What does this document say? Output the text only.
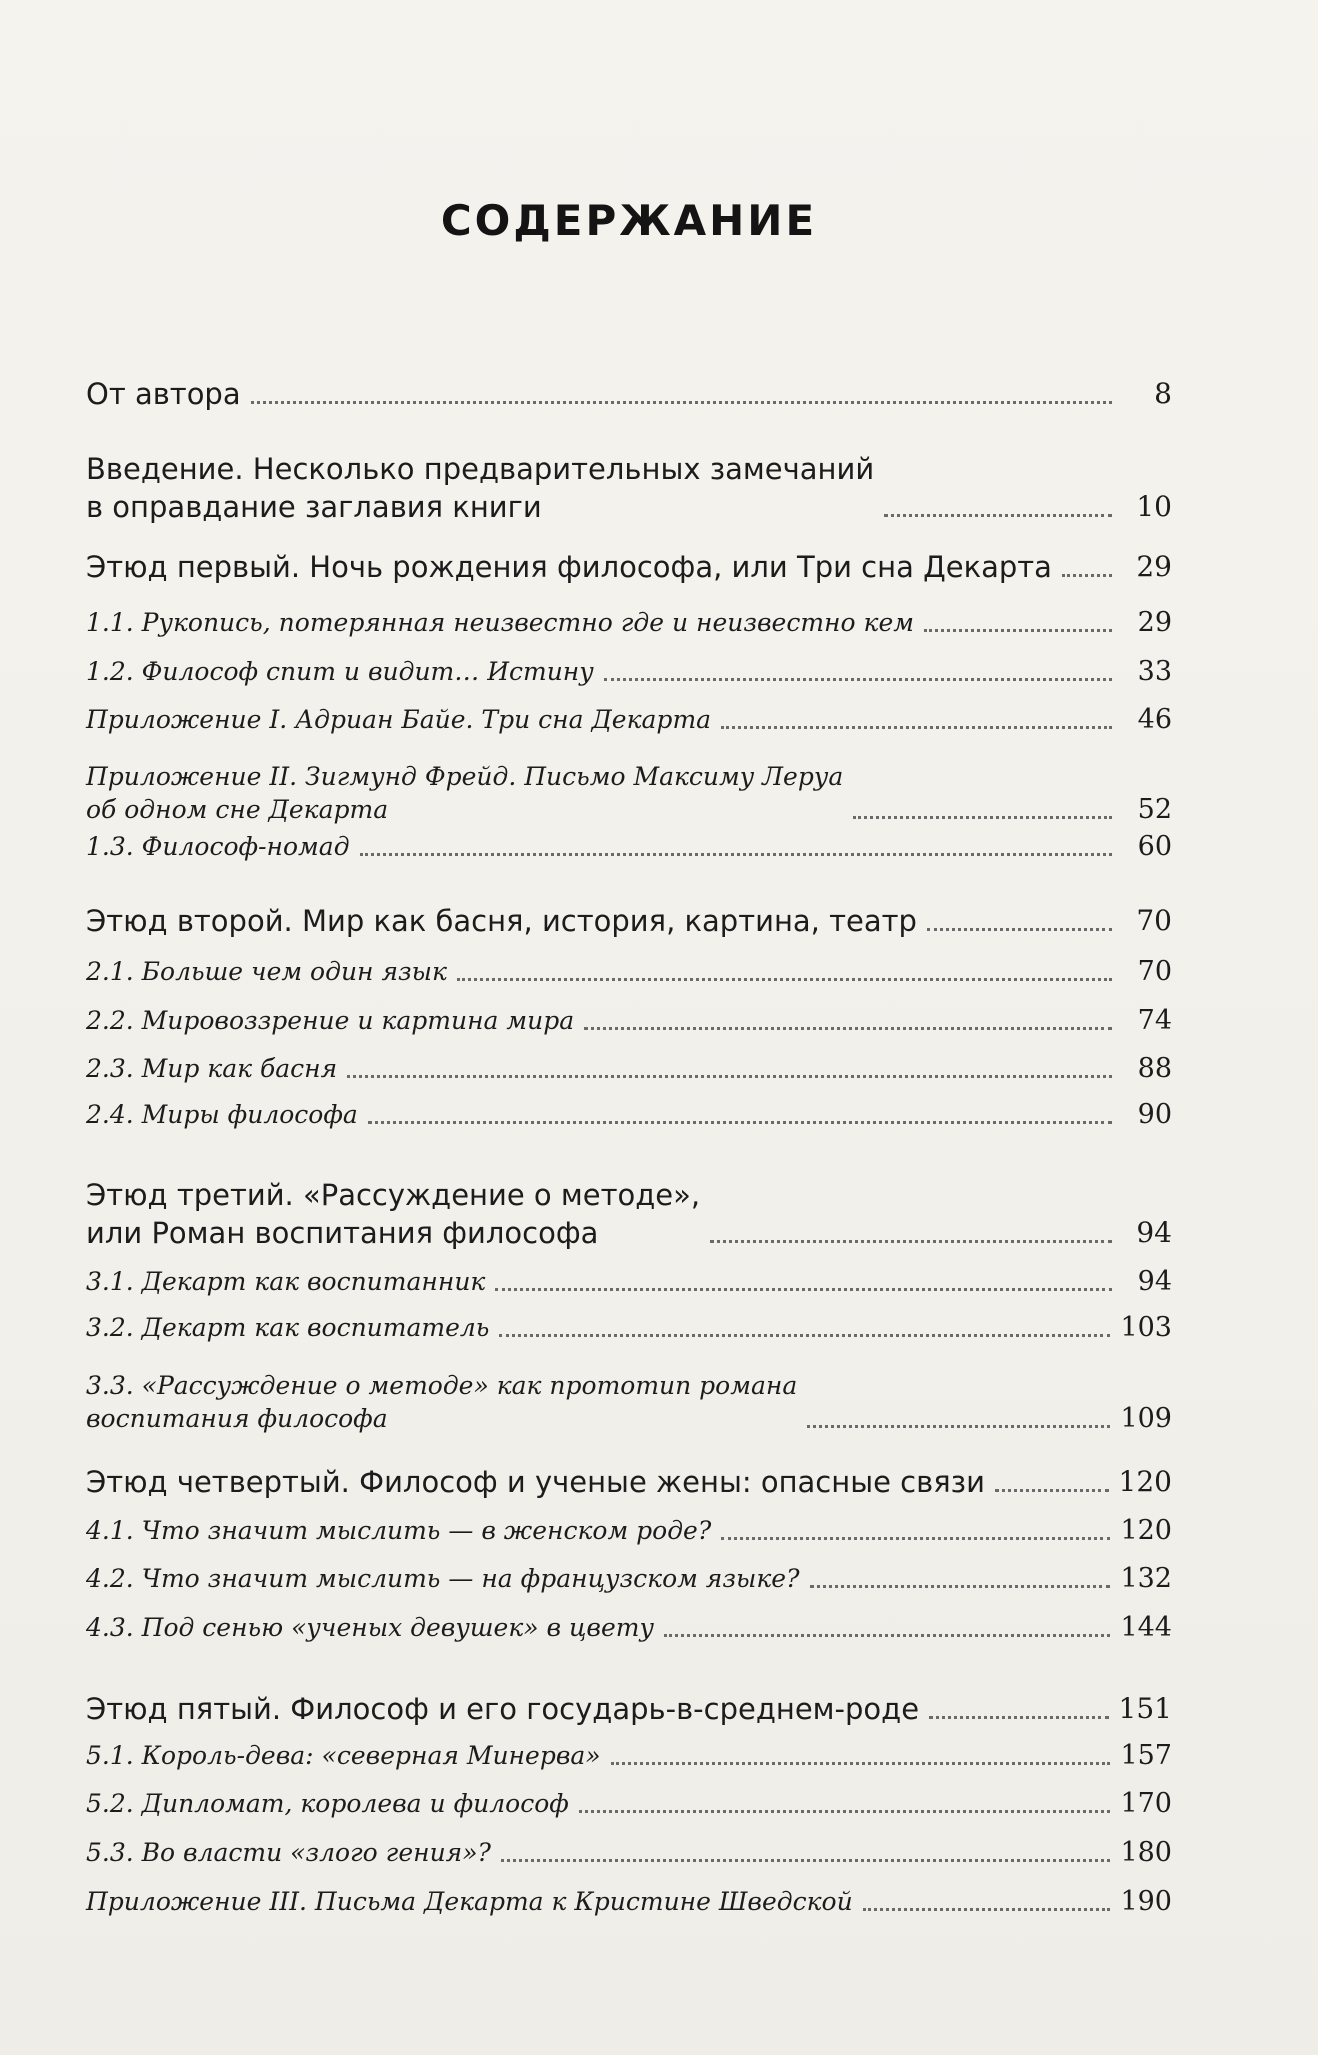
СОДЕРЖАНИЕ
От автора	8
Введение. Несколько предварительных замечаний
в оправдание заглавия книги	10
Этюд первый. Ночь рождения философа, или Три сна Декарта	29
1.1. Рукопись, потерянная неизвестно где и неизвестно кем	29
1.2. Философ спит и видит… Истину	33
Приложение I. Адриан Байе. Три сна Декарта	46
Приложение II. Зигмунд Фрейд. Письмо Максиму Леруа
об одном сне Декарта	52
1.3. Философ-номад	60
Этюд второй. Мир как басня, история, картина, театр	70
2.1. Больше чем один язык	70
2.2. Мировоззрение и картина мира	74
2.3. Мир как басня	88
2.4. Миры философа	90
Этюд третий. «Рассуждение о методе»,
или Роман воспитания философа	94
3.1. Декарт как воспитанник	94
3.2. Декарт как воспитатель	103
3.3. «Рассуждение о методе» как прототип романа
воспитания философа	109
Этюд четвертый. Философ и ученые жены: опасные связи	120
4.1. Что значит мыслить — в женском роде?	120
4.2. Что значит мыслить — на французском языке?	132
4.3. Под сенью «ученых девушек» в цвету	144
Этюд пятый. Философ и его государь-в-среднем-роде	151
5.1. Король-дева: «северная Минерва»	157
5.2. Дипломат, королева и философ	170
5.3. Во власти «злого гения»?	180
Приложение III. Письма Декарта к Кристине Шведской	190
